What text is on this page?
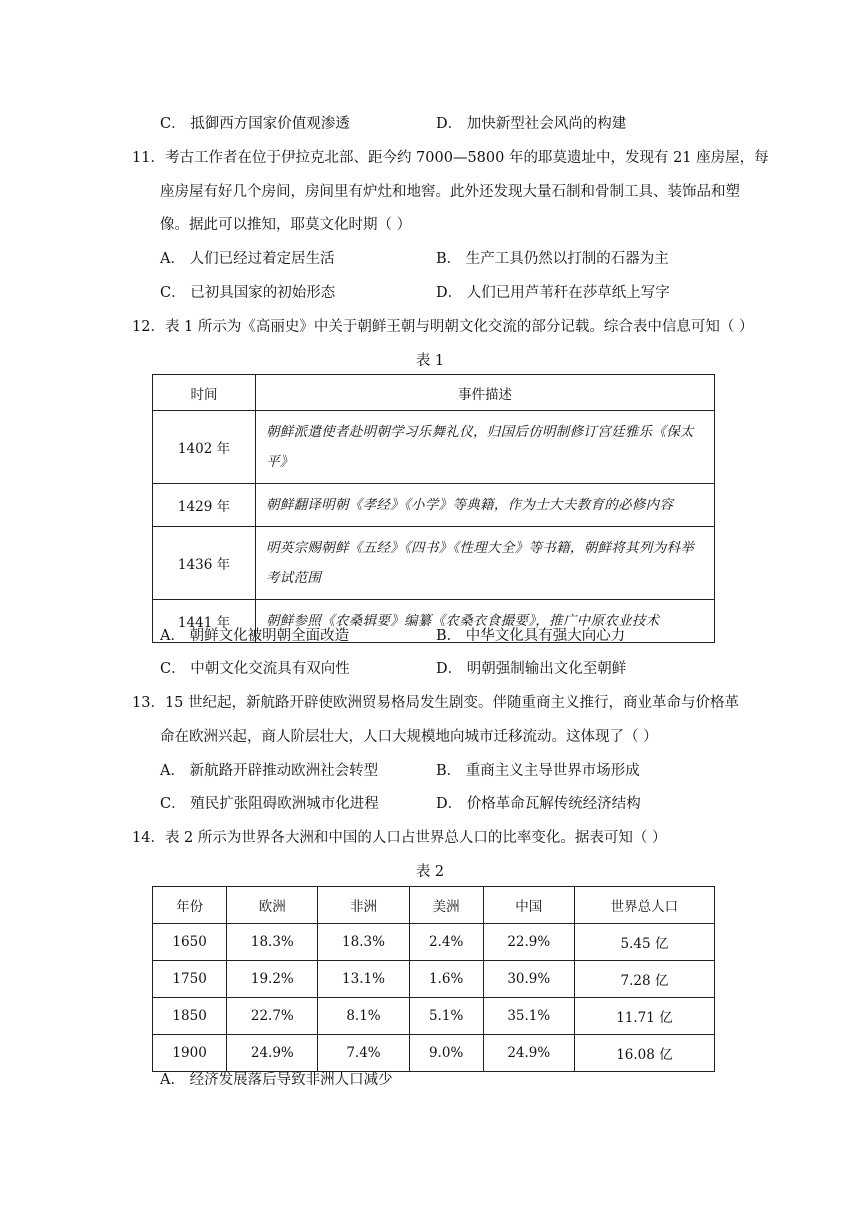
C． 抵御西方国家价值观渗透	D． 加快新型社会风尚的构建
11．考古工作者在位于伊拉克北部、距今约 7000—5800 年的耶莫遗址中，发现有 21 座房屋，每
座房屋有好几个房间，房间里有炉灶和地窖。此外还发现大量石制和骨制工具、装饰品和塑
像。据此可以推知，耶莫文化时期（ ）
A． 人们已经过着定居生活	B． 生产工具仍然以打制的石器为主
C． 已初具国家的初始形态	D． 人们已用芦苇秆在莎草纸上写字
12．表 1 所示为《高丽史》中关于朝鲜王朝与明朝文化交流的部分记载。综合表中信息可知（ ）
表 1
时间	事件描述
1402 年	朝鲜派遣使者赴明朝学习乐舞礼仪，归国后仿明制修订宫廷雅乐《保太平》
1429 年	朝鲜翻译明朝《孝经》《小学》等典籍，作为士大夫教育的必修内容
1436 年	明英宗赐朝鲜《五经》《四书》《性理大全》等书籍，朝鲜将其列为科举考试范围
1441 年	朝鲜参照《农桑辑要》编纂《农桑衣食撮要》，推广中原农业技术
A． 朝鲜文化被明朝全面改造	B． 中华文化具有强大向心力
C． 中朝文化交流具有双向性	D． 明朝强制输出文化至朝鲜
13．15 世纪起，新航路开辟使欧洲贸易格局发生剧变。伴随重商主义推行，商业革命与价格革
命在欧洲兴起，商人阶层壮大，人口大规模地向城市迁移流动。这体现了（ ）
A． 新航路开辟推动欧洲社会转型	B． 重商主义主导世界市场形成
C． 殖民扩张阻碍欧洲城市化进程	D． 价格革命瓦解传统经济结构
14．表 2 所示为世界各大洲和中国的人口占世界总人口的比率变化。据表可知（ ）
表 2
年份	欧洲	非洲	美洲	中国	世界总人口
1650	18.3%	18.3%	2.4%	22.9%	5.45 亿
1750	19.2%	13.1%	1.6%	30.9%	7.28 亿
1850	22.7%	8.1%	5.1%	35.1%	11.71 亿
1900	24.9%	7.4%	9.0%	24.9%	16.08 亿
A． 经济发展落后导致非洲人口减少
